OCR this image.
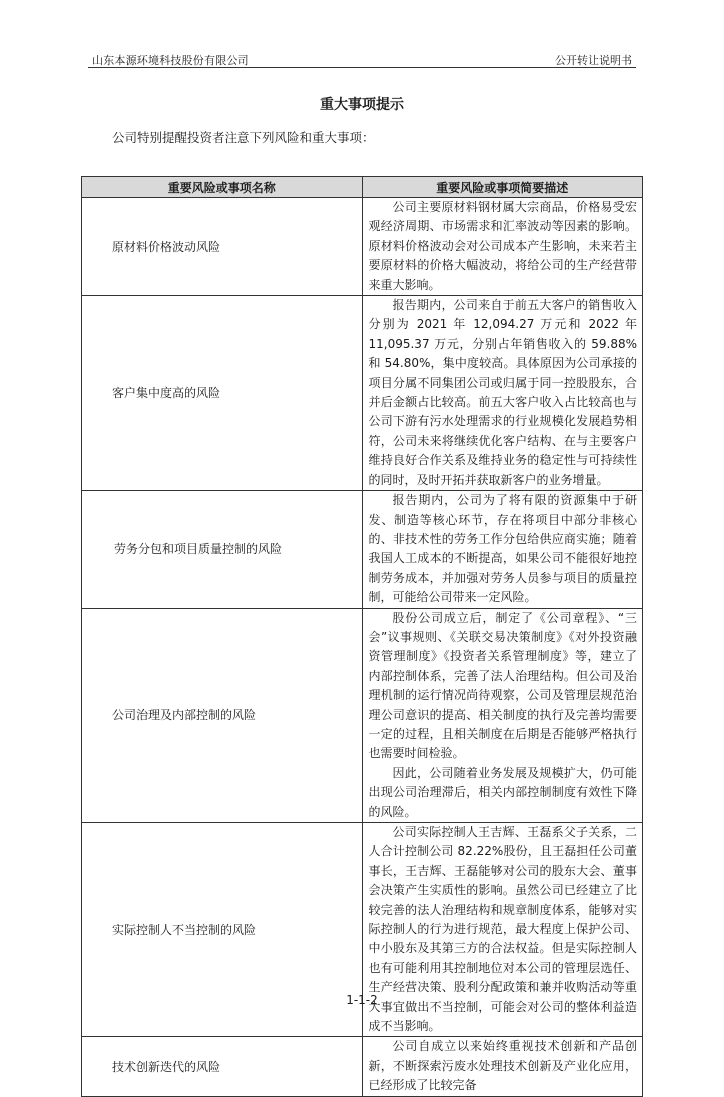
山东本源环境科技股份有限公司	公开转让说明书
重大事项提示
公司特别提醒投资者注意下列风险和重大事项：
重要风险或事项名称	重要风险或事项简要描述

原材料价格波动风险	公司主要原材料钢材属大宗商品，价格易受宏观经济周期、市场需求和汇率波动等因素的影响。原材料价格波动会对公司成本产生影响，未来若主要原材料的价格大幅波动，将给公司的生产经营带来重大影响。

客户集中度高的风险	报告期内，公司来自于前五大客户的销售收入分别为 2021 年 12,094.27 万元和 2022 年 11,095.37 万元，分别占年销售收入的 59.88%和 54.80%，集中度较高。具体原因为公司承接的项目分属不同集团公司或归属于同一控股股东，合并后金额占比较高。前五大客户收入占比较高也与公司下游有污水处理需求的行业规模化发展趋势相符，公司未来将继续优化客户结构、在与主要客户维持良好合作关系及维持业务的稳定性与可持续性的同时，及时开拓并获取新客户的业务增量。

劳务分包和项目质量控制的风险	报告期内，公司为了将有限的资源集中于研发、制造等核心环节，存在将项目中部分非核心的、非技术性的劳务工作分包给供应商实施；随着我国人工成本的不断提高，如果公司不能很好地控制劳务成本，并加强对劳务人员参与项目的质量控制，可能给公司带来一定风险。

公司治理及内部控制的风险	股份公司成立后，制定了《公司章程》、“三会”议事规则、《关联交易决策制度》《对外投资融资管理制度》《投资者关系管理制度》等，建立了内部控制体系，完善了法人治理结构。但公司及治理机制的运行情况尚待观察，公司及管理层规范治理公司意识的提高、相关制度的执行及完善均需要一定的过程，且相关制度在后期是否能够严格执行也需要时间检验。
因此，公司随着业务发展及规模扩大，仍可能出现公司治理滞后，相关内部控制制度有效性下降的风险。

实际控制人不当控制的风险	公司实际控制人王吉辉、王磊系父子关系，二人合计控制公司 82.22%股份，且王磊担任公司董事长，王吉辉、王磊能够对公司的股东大会、董事会决策产生实质性的影响。虽然公司已经建立了比较完善的法人治理结构和规章制度体系，能够对实际控制人的行为进行规范，最大程度上保护公司、中小股东及其第三方的合法权益。但是实际控制人也有可能利用其控制地位对本公司的管理层选任、生产经营决策、股利分配政策和兼并收购活动等重大事宜做出不当控制，可能会对公司的整体利益造成不当影响。

技术创新迭代的风险	公司自成立以来始终重视技术创新和产品创新，不断探索污废水处理技术创新及产业化应用，已经形成了比较完备
1-1-2
